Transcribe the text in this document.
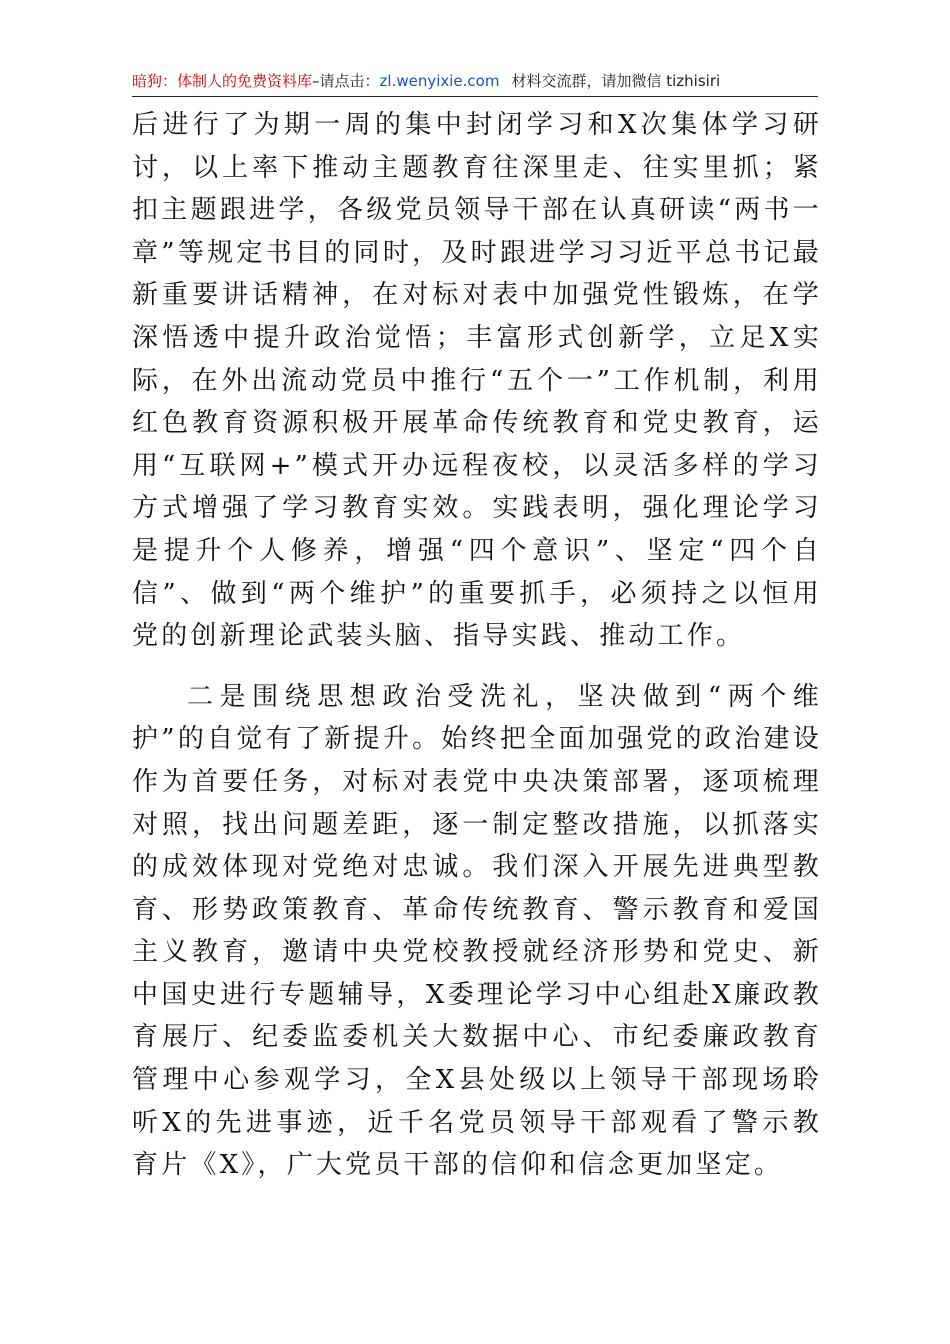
暗狗：体制人的免费资料库–请点击：zl.wenyixie.com 材料交流群，请加微信 tizhisiri

后进行了为期一周的集中封闭学习和X次集体学习研讨，以上率下推动主题教育往深里走、往实里抓；紧扣主题跟进学，各级党员领导干部在认真研读“两书一章”等规定书目的同时，及时跟进学习习近平总书记最新重要讲话精神，在对标对表中加强党性锻炼，在学深悟透中提升政治觉悟；丰富形式创新学，立足X实际，在外出流动党员中推行“五个一”工作机制，利用红色教育资源积极开展革命传统教育和党史教育，运用“互联网+”模式开办远程夜校，以灵活多样的学习方式增强了学习教育实效。实践表明，强化理论学习是提升个人修养，增强“四个意识”、坚定“四个自信”、做到“两个维护”的重要抓手，必须持之以恒用党的创新理论武装头脑、指导实践、推动工作。

二是围绕思想政治受洗礼，坚决做到“两个维护”的自觉有了新提升。始终把全面加强党的政治建设作为首要任务，对标对表党中央决策部署，逐项梳理对照，找出问题差距，逐一制定整改措施，以抓落实的成效体现对党绝对忠诚。我们深入开展先进典型教育、形势政策教育、革命传统教育、警示教育和爱国主义教育，邀请中央党校教授就经济形势和党史、新中国史进行专题辅导，X委理论学习中心组赴X廉政教育展厅、纪委监委机关大数据中心、市纪委廉政教育管理中心参观学习，全X县处级以上领导干部现场聆听X的先进事迹，近千名党员领导干部观看了警示教育片《X》，广大党员干部的信仰和信念更加坚定。
